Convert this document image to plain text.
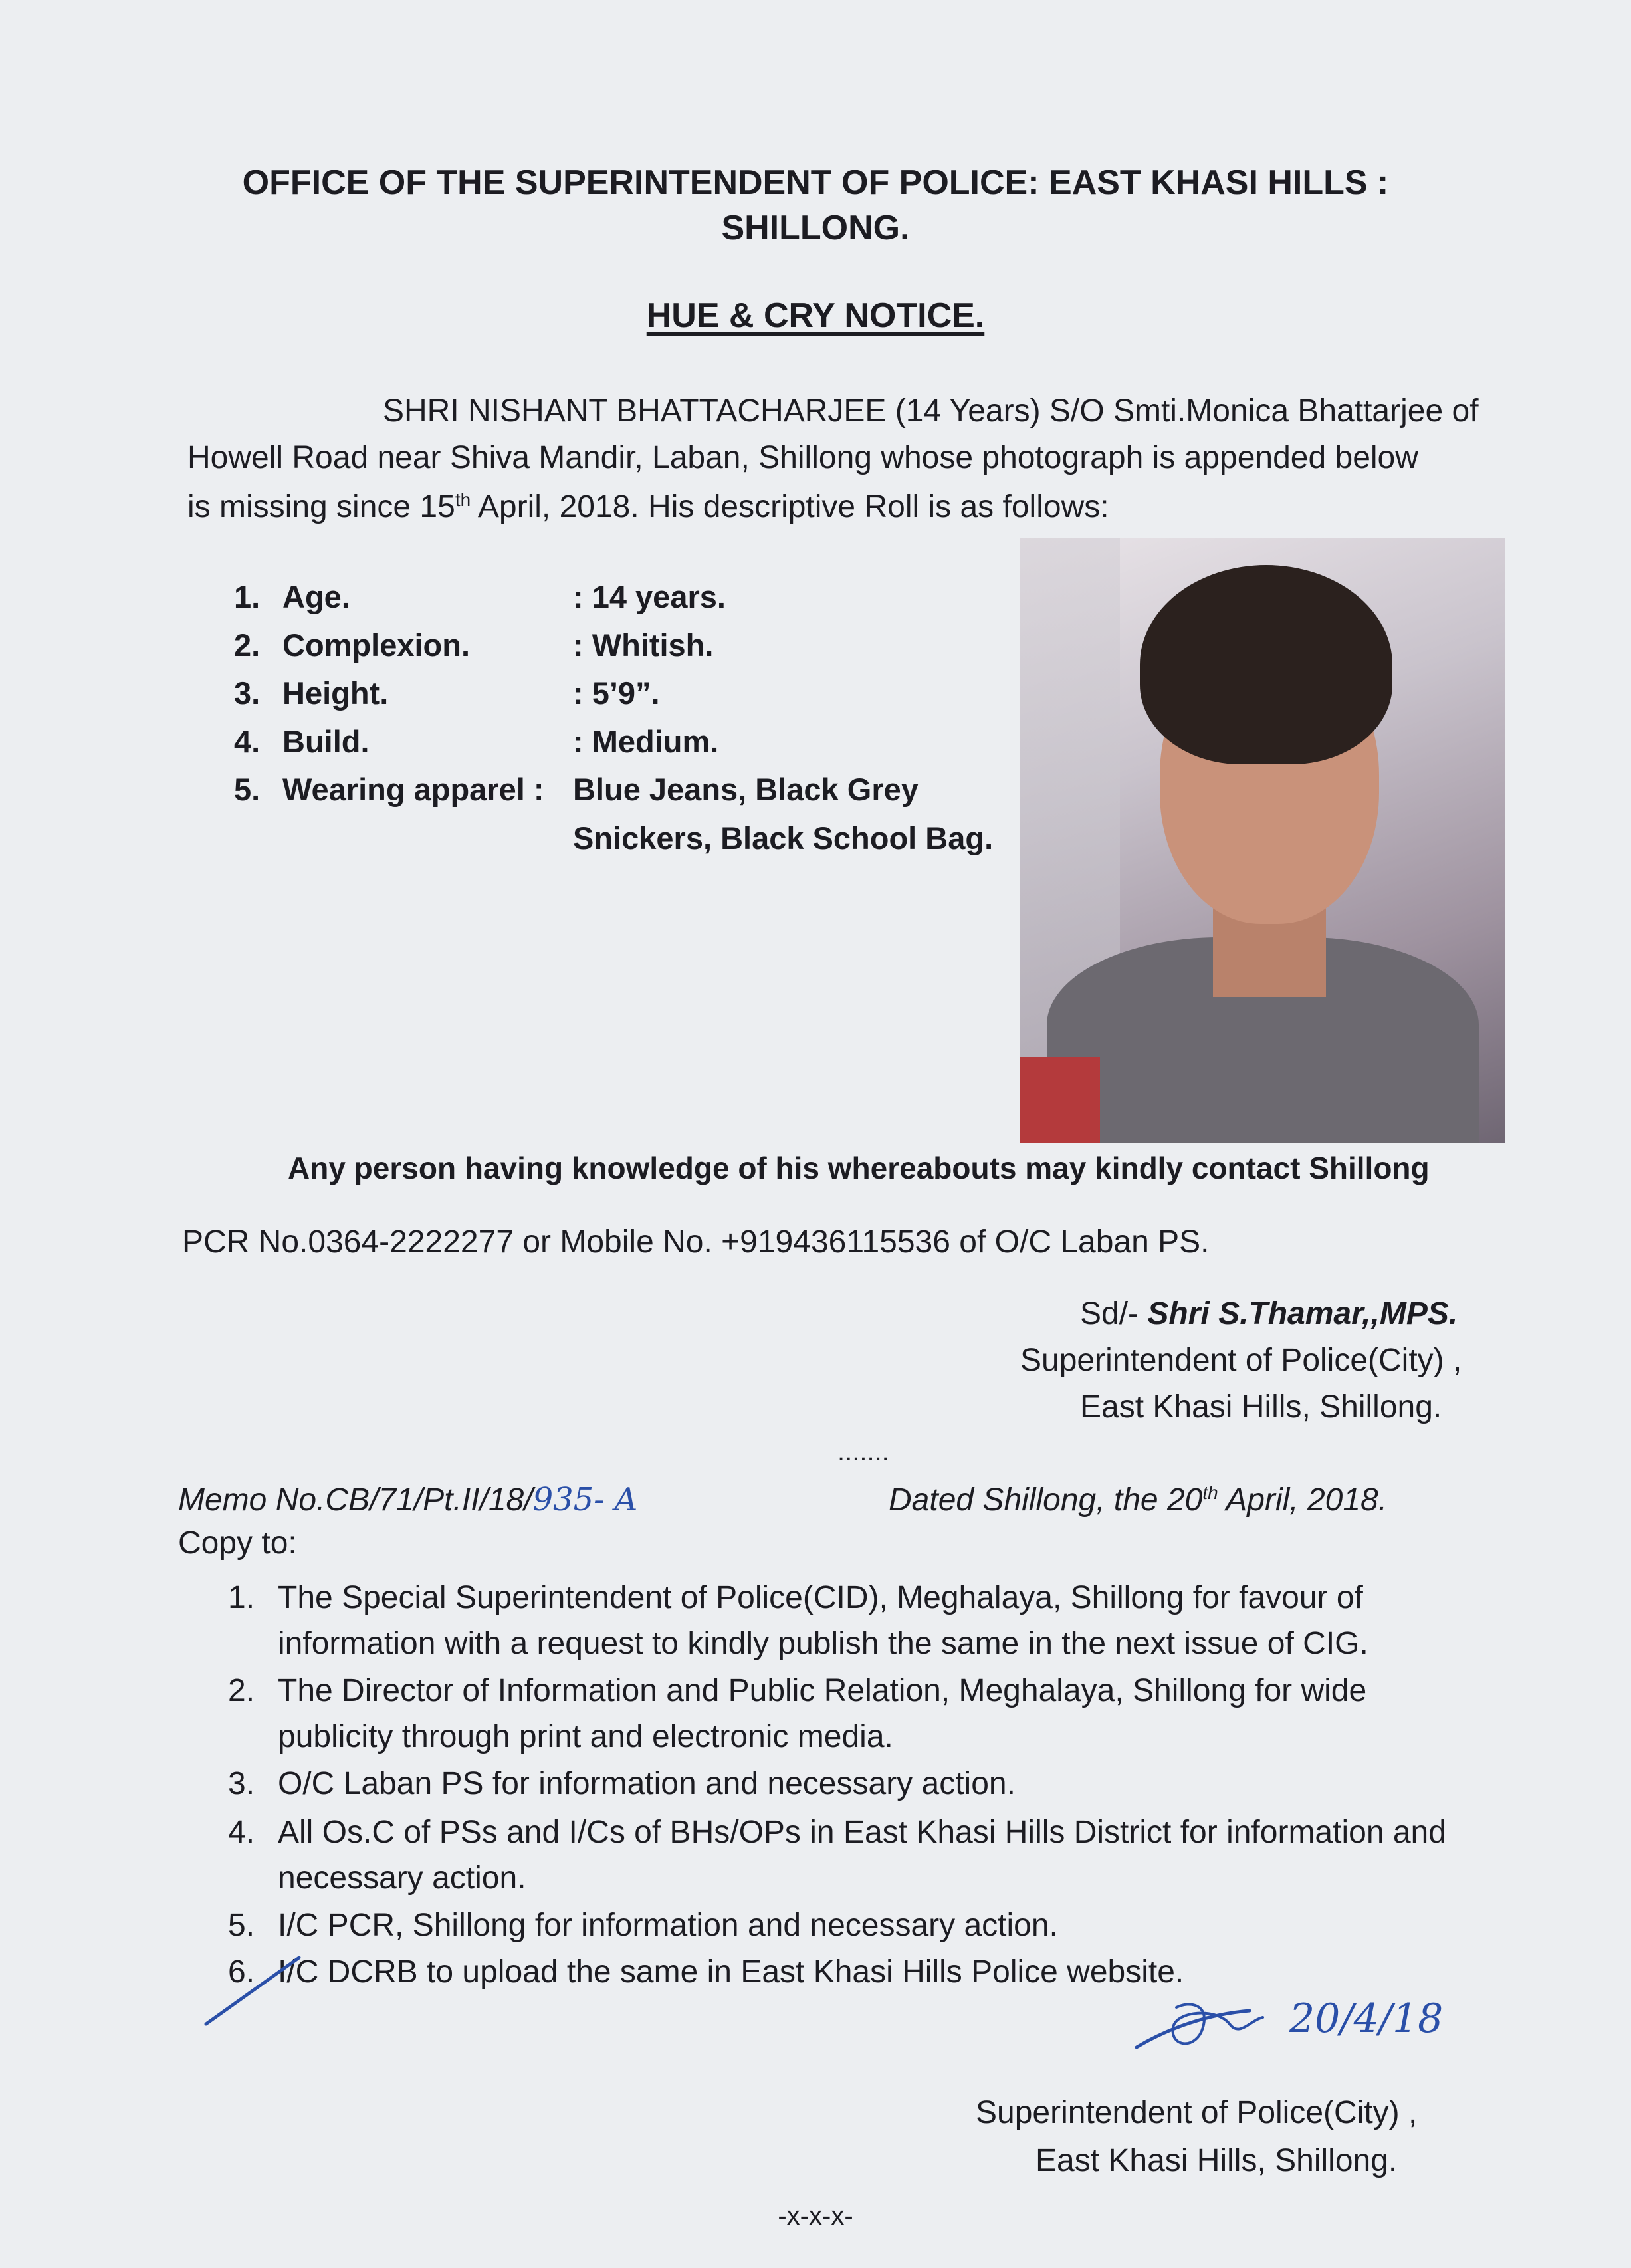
OFFICE OF THE SUPERINTENDENT OF POLICE: EAST KHASI HILLS :
SHILLONG.
HUE & CRY NOTICE.
SHRI NISHANT BHATTACHARJEE (14 Years) S/O Smti.Monica Bhattarjee of
Howell Road near Shiva Mandir, Laban, Shillong whose photograph is appended below
is missing since 15th April, 2018. His descriptive Roll is as follows:
1. Age.	: 14 years.
2. Complexion.	: Whitish.
3. Height.	: 5’9”.
4. Build.	: Medium.
5. Wearing apparel : Blue Jeans, Black Grey
Snickers, Black School Bag.
Any person having knowledge of his whereabouts may kindly contact Shillong
PCR No.0364-2222277 or Mobile No. +919436115536 of O/C Laban PS.
Sd/- Shri S.Thamar,,MPS.
Superintendent of Police(City) ,
East Khasi Hills, Shillong.
.......
Memo No.CB/71/Pt.II/18/935- A	Dated Shillong, the 20th April, 2018.
Copy to:
1. The Special Superintendent of Police(CID), Meghalaya, Shillong for favour of
information with a request to kindly publish the same in the next issue of CIG.
2. The Director of Information and Public Relation, Meghalaya, Shillong for wide
publicity through print and electronic media.
3. O/C Laban PS for information and necessary action.
4. All Os.C of PSs and I/Cs of BHs/OPs in East Khasi Hills District for information and
necessary action.
5. I/C PCR, Shillong for information and necessary action.
6. I/C DCRB to upload the same in East Khasi Hills Police website.
20/4/18
Superintendent of Police(City) ,
East Khasi Hills, Shillong.
-x-x-x-
